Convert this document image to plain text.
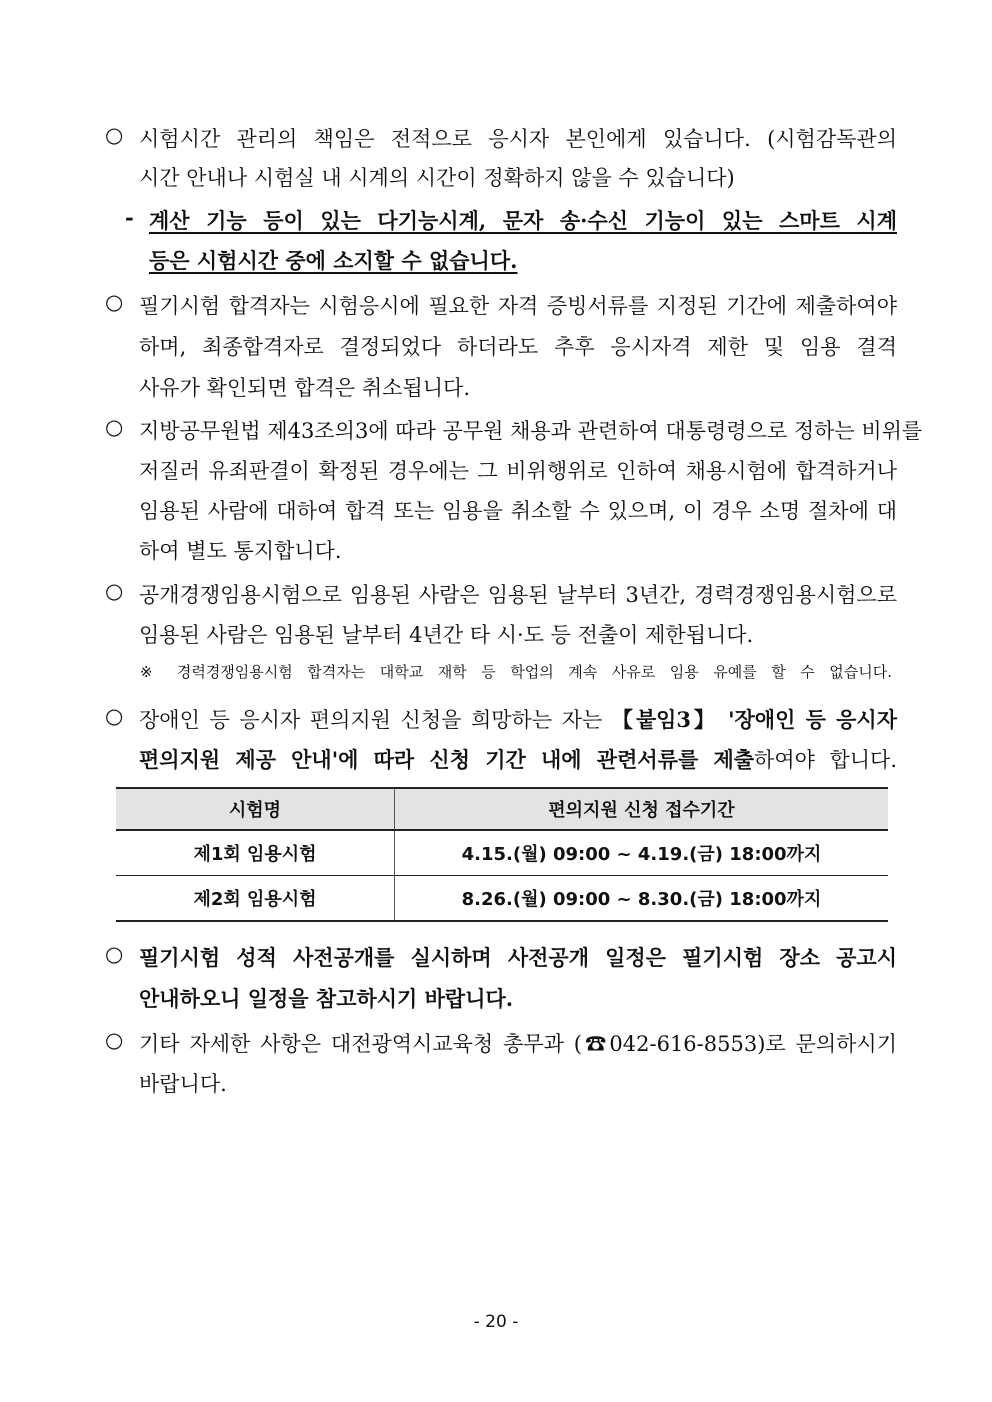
○ 시험시간 관리의 책임은 전적으로 응시자 본인에게 있습니다. (시험감독관의
시간 안내나 시험실 내 시계의 시간이 정확하지 않을 수 있습니다)
- 계산 기능 등이 있는 다기능시계, 문자 송·수신 기능이 있는 스마트 시계
등은 시험시간 중에 소지할 수 없습니다.
○ 필기시험 합격자는 시험응시에 필요한 자격 증빙서류를 지정된 기간에 제출하여야
하며, 최종합격자로 결정되었다 하더라도 추후 응시자격 제한 및 임용 결격
사유가 확인되면 합격은 취소됩니다.
○ 지방공무원법 제43조의3에 따라 공무원 채용과 관련하여 대통령령으로 정하는 비위를
저질러 유죄판결이 확정된 경우에는 그 비위행위로 인하여 채용시험에 합격하거나
임용된 사람에 대하여 합격 또는 임용을 취소할 수 있으며, 이 경우 소명 절차에 대
하여 별도 통지합니다.
○ 공개경쟁임용시험으로 임용된 사람은 임용된 날부터 3년간, 경력경쟁임용시험으로
임용된 사람은 임용된 날부터 4년간 타 시·도 등 전출이 제한됩니다.
※ 경력경쟁임용시험 합격자는 대학교 재학 등 학업의 계속 사유로 임용 유예를 할 수 없습니다.
○ 장애인 등 응시자 편의지원 신청을 희망하는 자는 【붙임3】 '장애인 등 응시자
편의지원 제공 안내'에 따라 신청 기간 내에 관련서류를 제출하여야 합니다.
시험명	편의지원 신청 접수기간
제1회 임용시험	4.15.(월) 09:00 ~ 4.19.(금) 18:00까지
제2회 임용시험	8.26.(월) 09:00 ~ 8.30.(금) 18:00까지
○ 필기시험 성적 사전공개를 실시하며 사전공개 일정은 필기시험 장소 공고시
안내하오니 일정을 참고하시기 바랍니다.
○ 기타 자세한 사항은 대전광역시교육청 총무과 (☎042-616-8553)로 문의하시기
바랍니다.
- 20 -
